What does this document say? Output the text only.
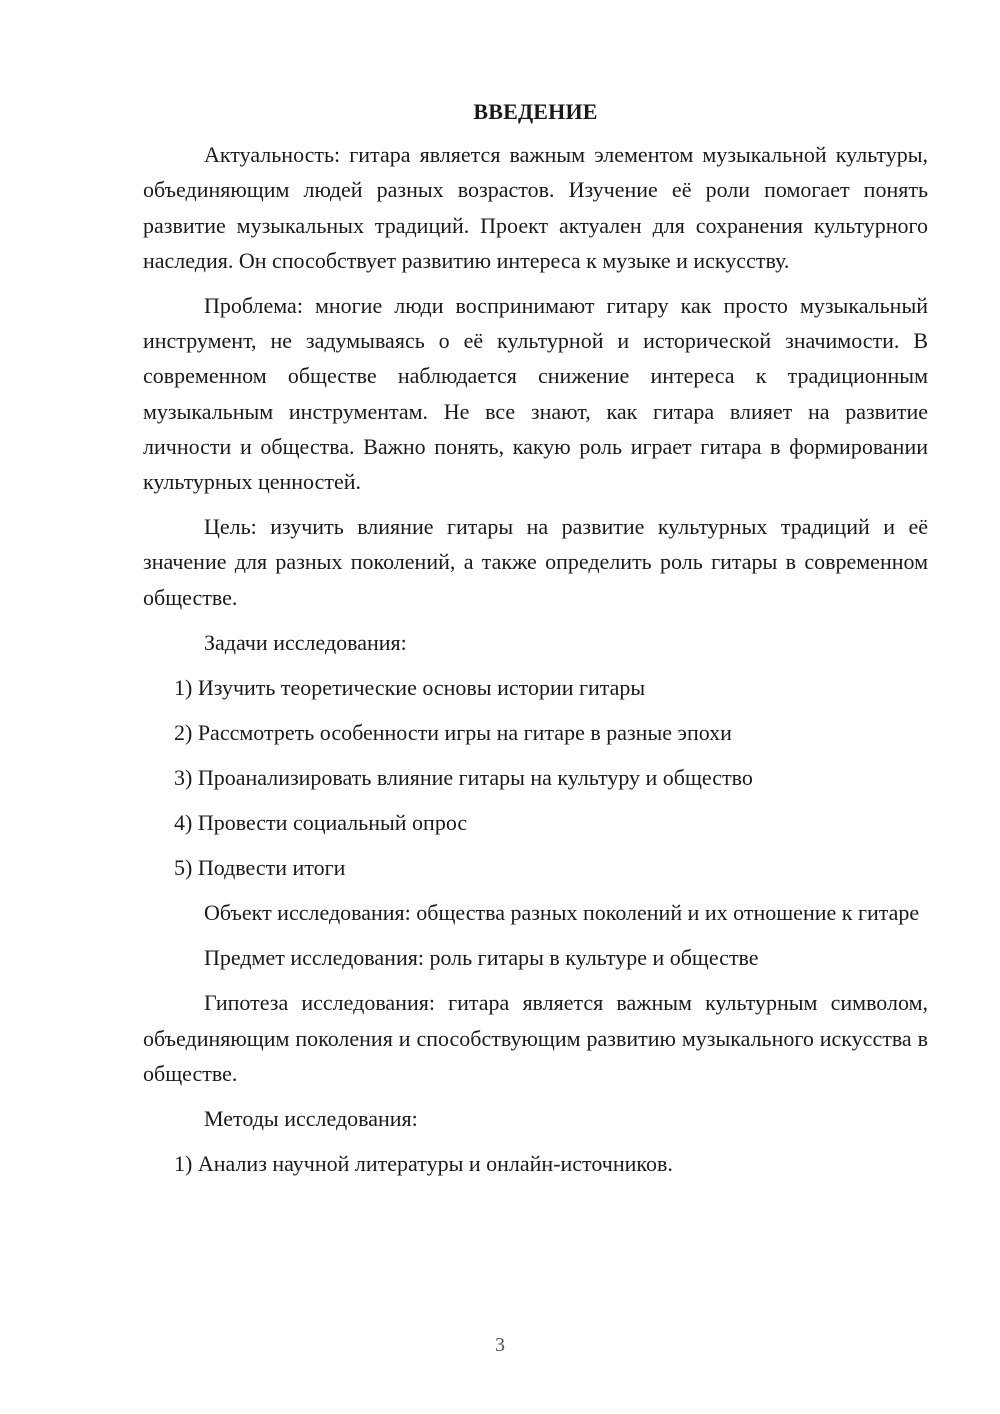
ВВЕДЕНИЕ

Актуальность: гитара является важным элементом музыкальной культуры, объединяющим людей разных возрастов. Изучение её роли помогает понять развитие музыкальных традиций. Проект актуален для сохранения культурного наследия. Он способствует развитию интереса к музыке и искусству.

Проблема: многие люди воспринимают гитару как просто музыкальный инструмент, не задумываясь о её культурной и исторической значимости. В современном обществе наблюдается снижение интереса к традиционным музыкальным инструментам. Не все знают, как гитара влияет на развитие личности и общества. Важно понять, какую роль играет гитара в формировании культурных ценностей.

Цель: изучить влияние гитары на развитие культурных традиций и её значение для разных поколений, а также определить роль гитары в современном обществе.

Задачи исследования:

1) Изучить теоретические основы истории гитары
2) Рассмотреть особенности игры на гитаре в разные эпохи
3) Проанализировать влияние гитары на культуру и общество
4) Провести социальный опрос
5) Подвести итоги

Объект исследования: общества разных поколений и их отношение к гитаре

Предмет исследования: роль гитары в культуре и обществе

Гипотеза исследования: гитара является важным культурным символом, объединяющим поколения и способствующим развитию музыкального искусства в обществе.

Методы исследования:

1) Анализ научной литературы и онлайн-источников.
3
